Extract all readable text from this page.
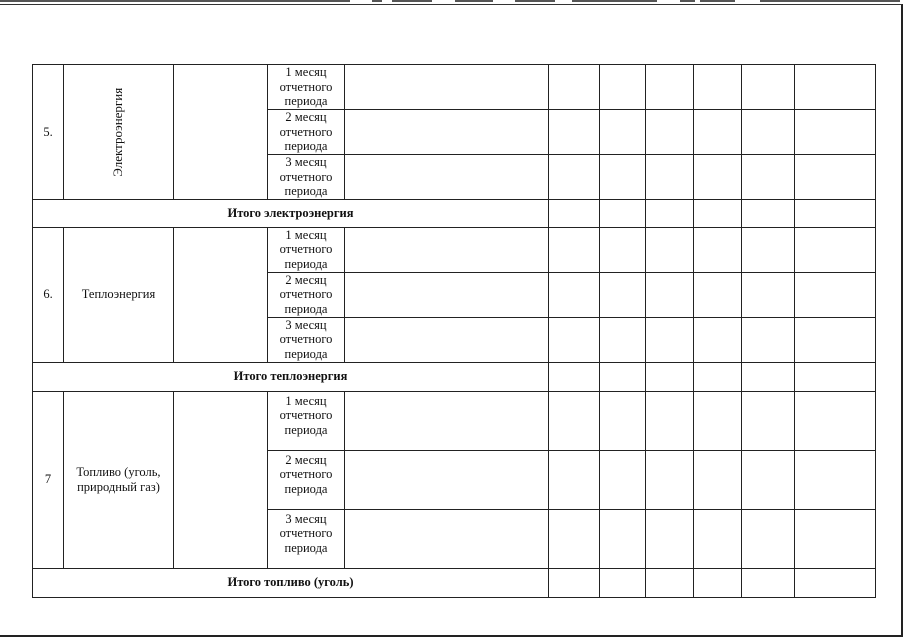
5.	Электроэнергия		1 месяц отчетного периода							
			2 месяц отчетного периода							
			3 месяц отчетного периода							
Итого электроэнергия										
6.	Теплоэнергия		1 месяц отчетного периода							
			2 месяц отчетного периода							
			3 месяц отчетного периода							
Итого теплоэнергия										
7	Топливо (уголь, природный газ)		1 месяц отчетного периода							
			2 месяц отчетного периода							
			3 месяц отчетного периода							
Итого топливо (уголь)										
